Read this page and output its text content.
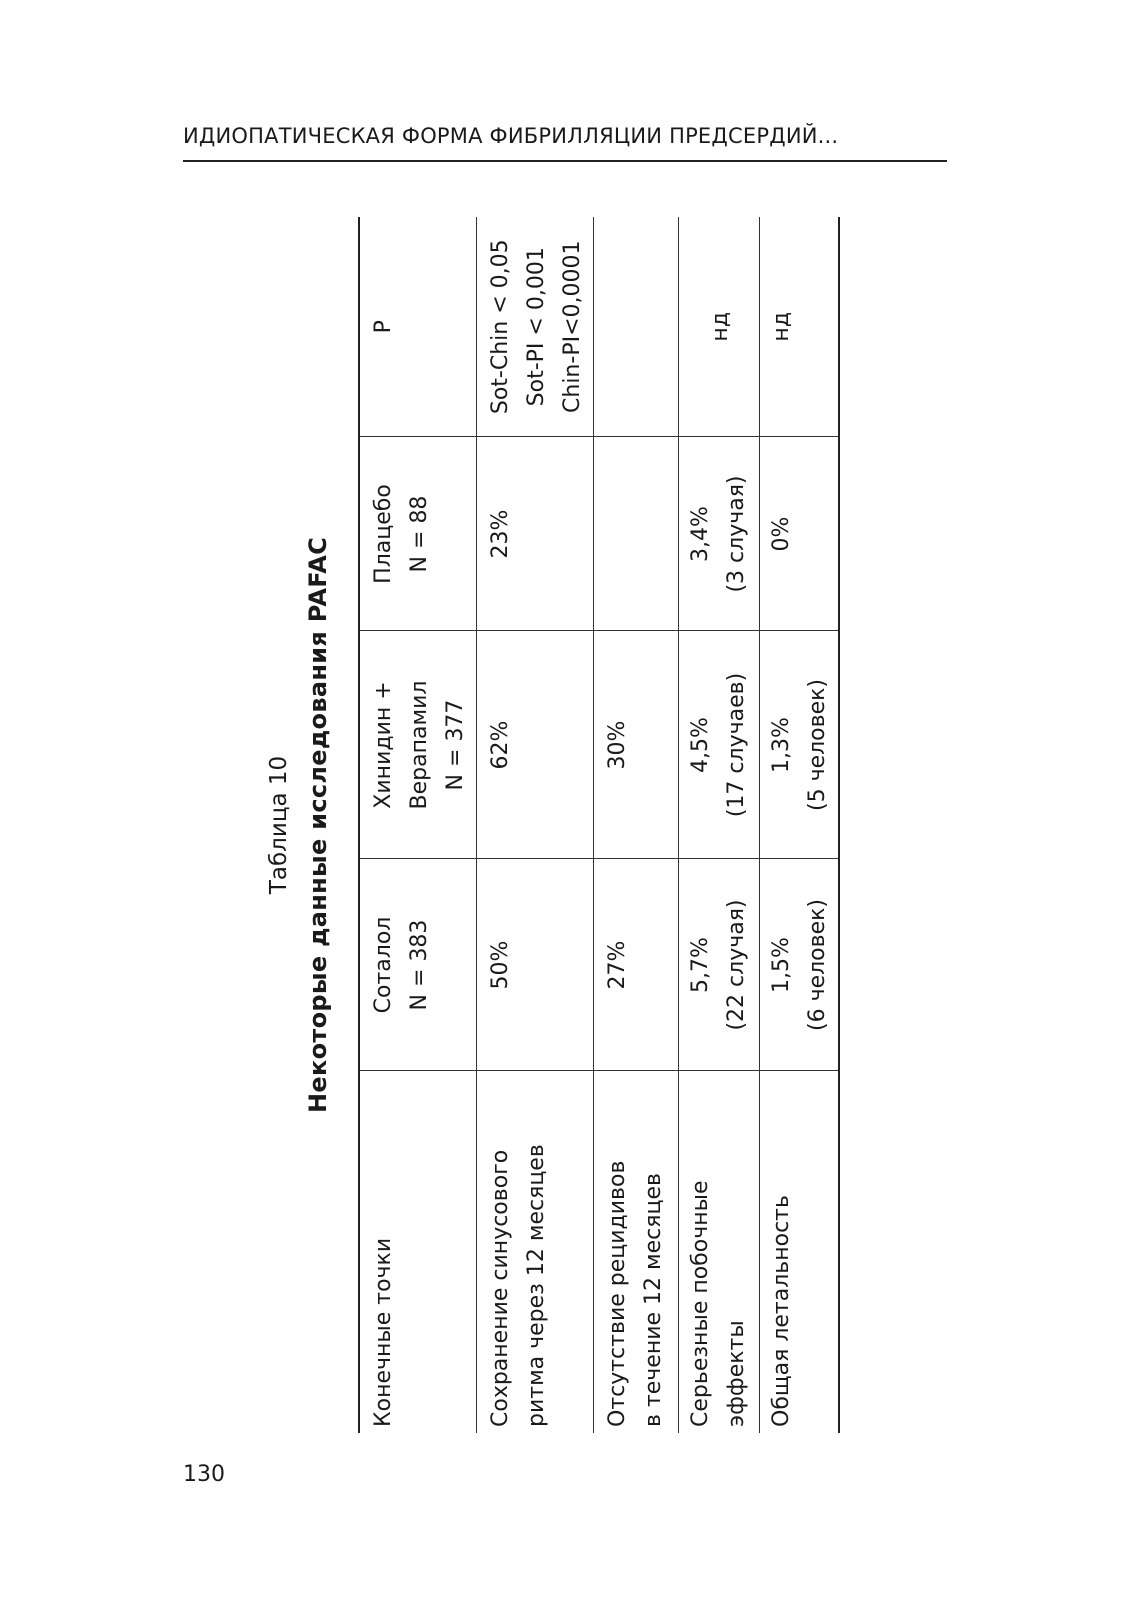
ИДИОПАТИЧЕСКАЯ ФОРМА ФИБРИЛЛЯЦИИ ПРЕДСЕРДИЙ...
130
Таблица 10 Некоторые данные исследования PAFAC
Конечные точки	Соталол N = 383	Хинидин + Верапамил N = 377	Плацебо N = 88	P

Сохранение синусового ритма через 12 месяцев	50%	62%	23%	Sot-Chin < 0,05 Sot-PI < 0,001 Chin-PI<0,0001

Отсутствие рецидивов в течение 12 месяцев	27%	30%		

Серьезные побочные эффекты	5,7% (22 случая)	4,5% (17 случаев)	3,4% (3 случая)	нд

Общая летальность	1,5% (6 человек)	1,3% (5 человек)	0%	нд
